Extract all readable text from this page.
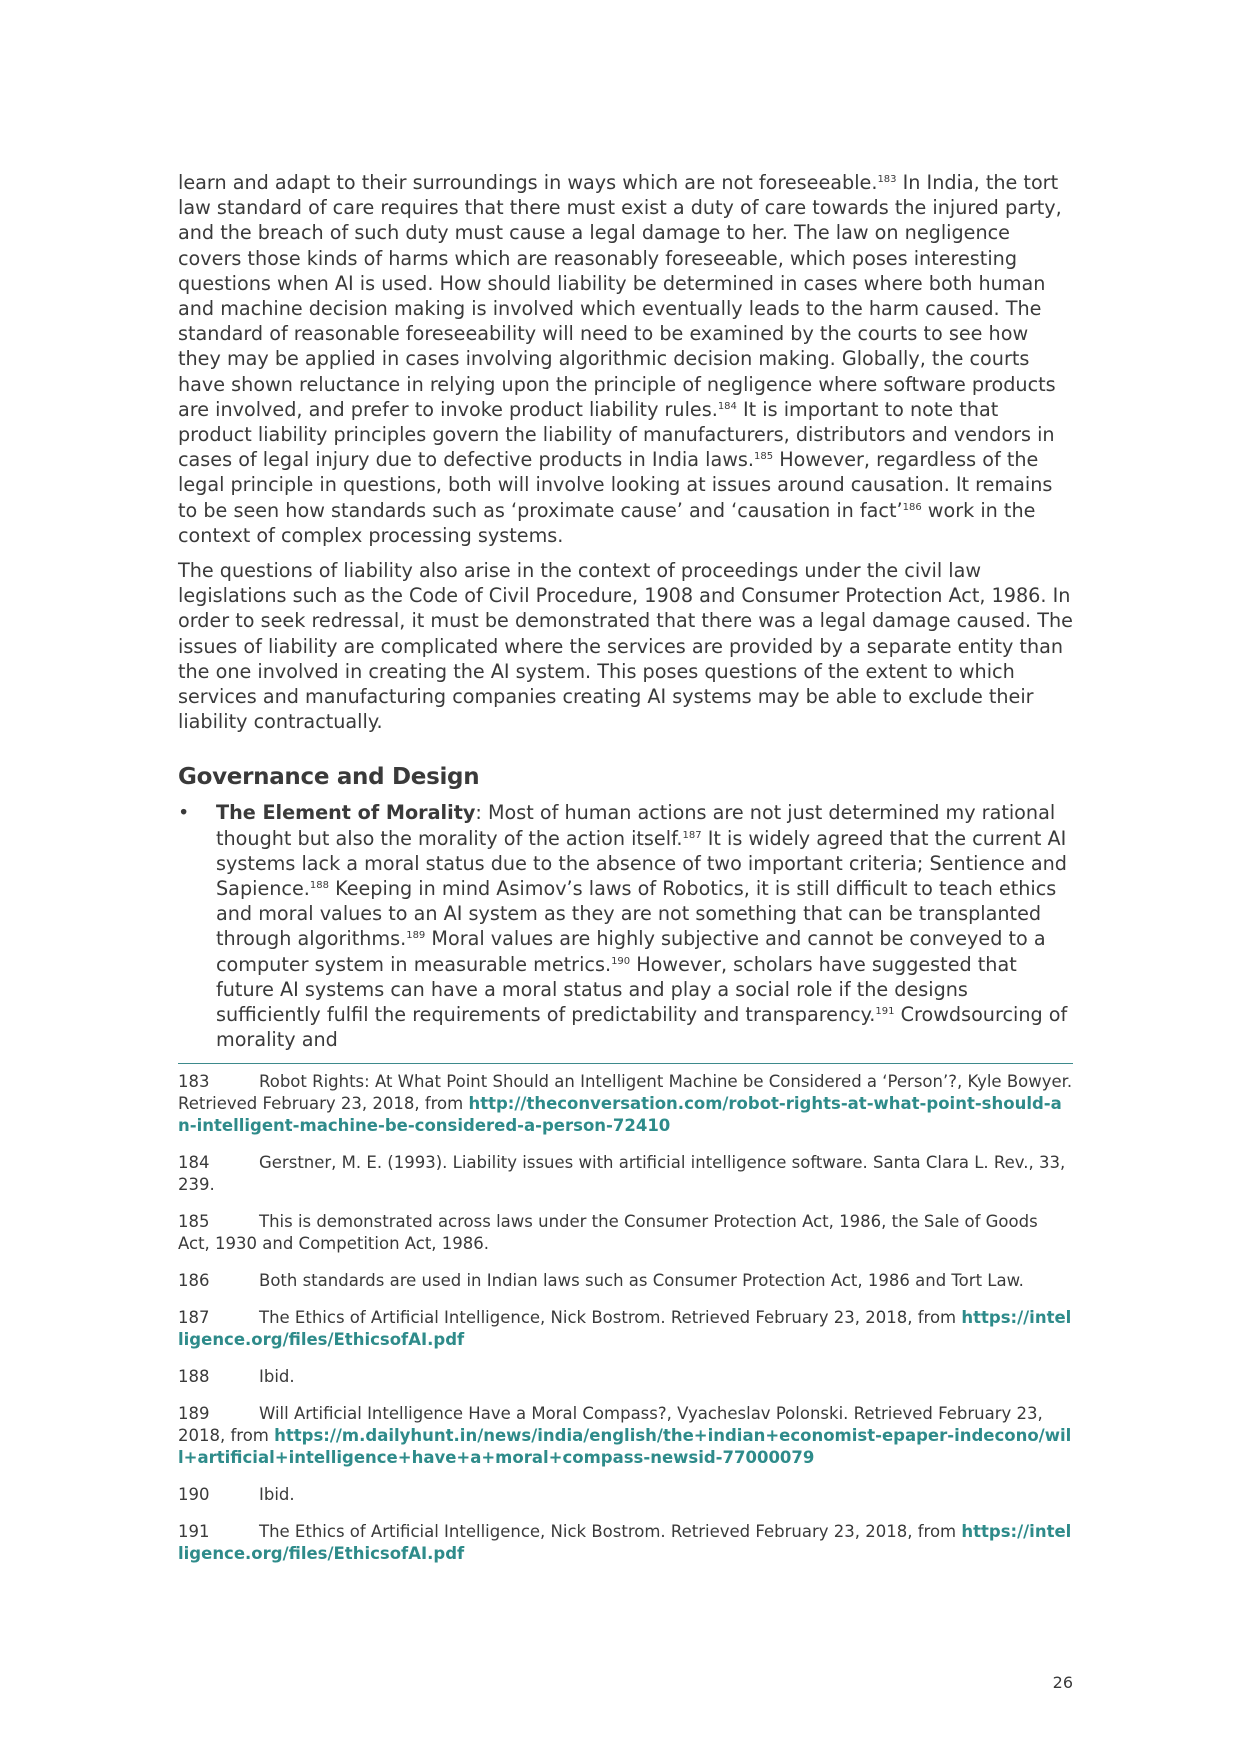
learn and adapt to their surroundings in ways which are not foreseeable.$^{183}$ In India, the tort law standard of care requires that there must exist a duty of care towards the injured party, and the breach of such duty must cause a legal damage to her. The law on negligence covers those kinds of harms which are reasonably foreseeable, which poses interesting questions when AI is used. How should liability be determined in cases where both human and machine decision making is involved which eventually leads to the harm caused. The standard of reasonable foreseeability will need to be examined by the courts to see how they may be applied in cases involving algorithmic decision making. Globally, the courts have shown reluctance in relying upon the principle of negligence where software products are involved, and prefer to invoke product liability rules.$^{184}$ It is important to note that product liability principles govern the liability of manufacturers, distributors and vendors in cases of legal injury due to defective products in India laws.$^{185}$ However, regardless of the legal principle in questions, both will involve looking at issues around causation. It remains to be seen how standards such as ‘proximate cause’ and ‘causation in fact’$^{186}$ work in the context of complex processing systems.

The questions of liability also arise in the context of proceedings under the civil law legislations such as the Code of Civil Procedure, 1908 and Consumer Protection Act, 1986. In order to seek redressal, it must be demonstrated that there was a legal damage caused. The issues of liability are complicated where the services are provided by a separate entity than the one involved in creating the AI system. This poses questions of the extent to which services and manufacturing companies creating AI systems may be able to exclude their liability contractually.

Governance and Design
•	The Element of Morality: Most of human actions are not just determined my rational thought but also the morality of the action itself.$^{187}$ It is widely agreed that the current AI systems lack a moral status due to the absence of two important criteria; Sentience and Sapience.$^{188}$ Keeping in mind Asimov’s laws of Robotics, it is still difficult to teach ethics and moral values to an AI system as they are not something that can be transplanted through algorithms.$^{189}$ Moral values are highly subjective and cannot be conveyed to a computer system in measurable metrics.$^{190}$ However, scholars have suggested that future AI systems can have a moral status and play a social role if the designs sufficiently fulfil the requirements of predictability and transparency.$^{191}$ Crowdsourcing of morality and

183	Robot Rights: At What Point Should an Intelligent Machine be Considered a ‘Person’?, Kyle Bowyer. Retrieved February 23, 2018, from http://theconversation.com/robot-rights-at-what-point-should-an-intelligent-machine-be-considered-a-person-72410

184	Gerstner, M. E. (1993). Liability issues with artificial intelligence software. Santa Clara L. Rev., 33, 239.

185	This is demonstrated across laws under the Consumer Protection Act, 1986, the Sale of Goods Act, 1930 and Competition Act, 1986.

186	Both standards are used in Indian laws such as Consumer Protection Act, 1986 and Tort Law.

187	The Ethics of Artificial Intelligence, Nick Bostrom. Retrieved February 23, 2018, from https://intelligence.org/files/EthicsofAI.pdf

188	Ibid.

189	Will Artificial Intelligence Have a Moral Compass?, Vyacheslav Polonski. Retrieved February 23, 2018, from https://m.dailyhunt.in/news/india/english/the+indian+economist-epaper-indecono/will+artificial+intelligence+have+a+moral+compass-newsid-77000079

190	Ibid.

191	The Ethics of Artificial Intelligence, Nick Bostrom. Retrieved February 23, 2018, from https://intelligence.org/files/EthicsofAI.pdf

26
